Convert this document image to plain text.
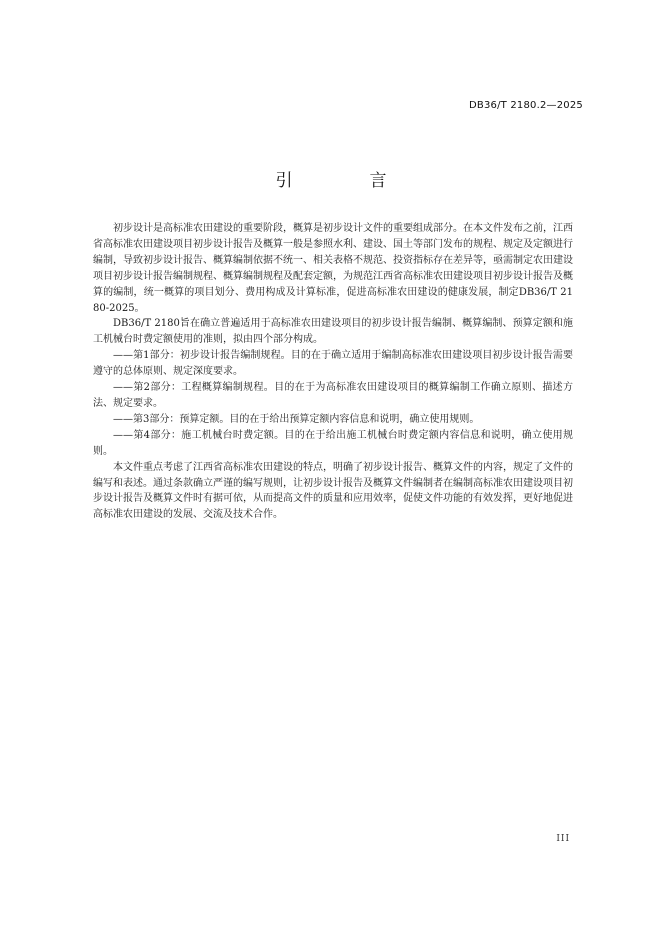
DB36/T 2180.2—2025
引　言

初步设计是高标准农田建设的重要阶段，概算是初步设计文件的重要组成部分。在本文件发布之前，江西省高标准农田建设项目初步设计报告及概算一般是参照水利、建设、国土等部门发布的规程、规定及定额进行编制，导致初步设计报告、概算编制依据不统一、相关表格不规范、投资指标存在差异等，亟需制定农田建设项目初步设计报告编制规程、概算编制规程及配套定额，为规范江西省高标准农田建设项目初步设计报告及概算的编制，统一概算的项目划分、费用构成及计算标准，促进高标准农田建设的健康发展，制定DB36/T 2180-2025。

DB36/T 2180旨在确立普遍适用于高标准农田建设项目的初步设计报告编制、概算编制、预算定额和施工机械台时费定额使用的准则，拟由四个部分构成。

——第1部分：初步设计报告编制规程。目的在于确立适用于编制高标准农田建设项目初步设计报告需要遵守的总体原则、规定深度要求。

——第2部分：工程概算编制规程。目的在于为高标准农田建设项目的概算编制工作确立原则、描述方法、规定要求。

——第3部分：预算定额。目的在于给出预算定额内容信息和说明，确立使用规则。

——第4部分：施工机械台时费定额。目的在于给出施工机械台时费定额内容信息和说明，确立使用规则。

本文件重点考虑了江西省高标准农田建设的特点，明确了初步设计报告、概算文件的内容，规定了文件的编写和表述。通过条款确立严谨的编写规则，让初步设计报告及概算文件编制者在编制高标准农田建设项目初步设计报告及概算文件时有据可依，从而提高文件的质量和应用效率，促使文件功能的有效发挥，更好地促进高标准农田建设的发展、交流及技术合作。

III
